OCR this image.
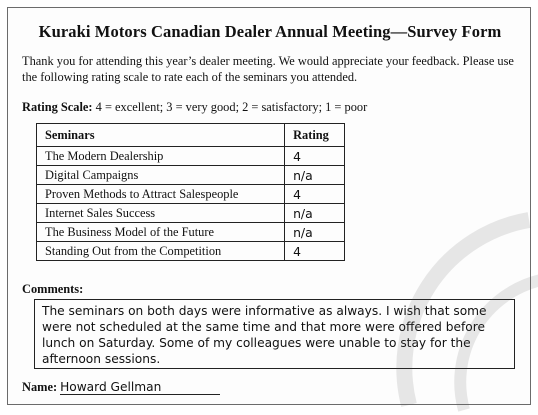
Kuraki Motors Canadian Dealer Annual Meeting—Survey Form
Thank you for attending this year’s dealer meeting. We would appreciate your feedback. Please use the following rating scale to rate each of the seminars you attended.
Rating Scale: 4 = excellent; 3 = very good; 2 = satisfactory; 1 = poor
Seminars	Rating
The Modern Dealership	4
Digital Campaigns	n/a
Proven Methods to Attract Salespeople	4
Internet Sales Success	n/a
The Business Model of the Future	n/a
Standing Out from the Competition	4
Comments:
The seminars on both days were informative as always. I wish that some were not scheduled at the same time and that more were offered before lunch on Saturday. Some of my colleagues were unable to stay for the afternoon sessions.
Name: Howard Gellman
